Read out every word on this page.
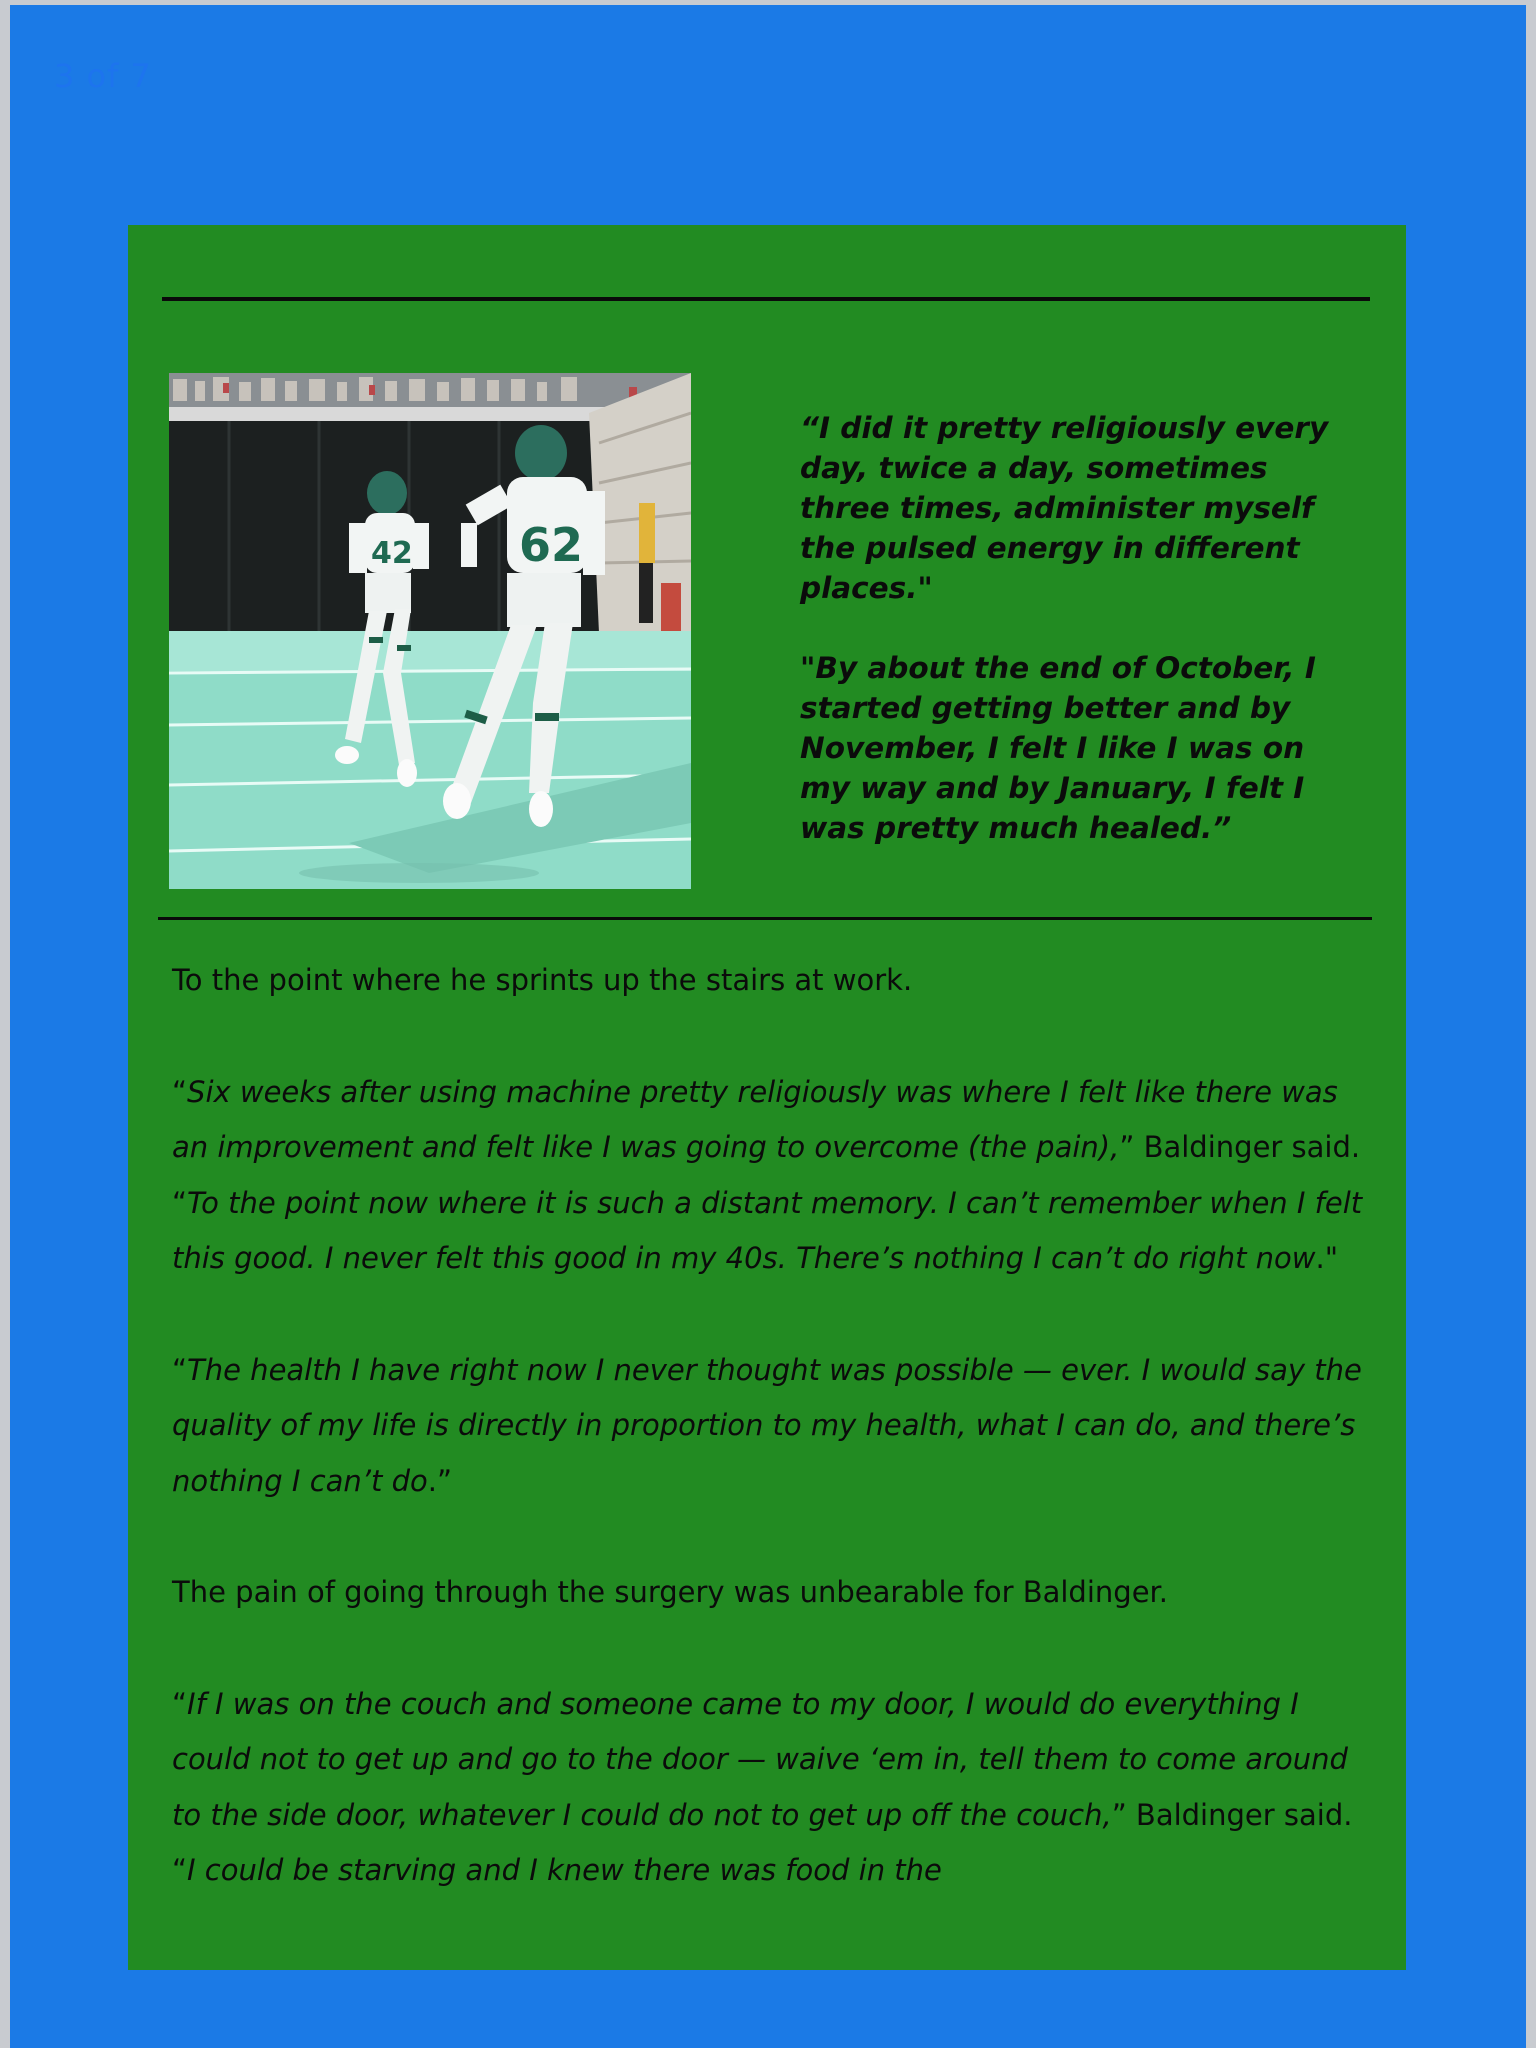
3 of 7
42 62

“I did it pretty religiously every day, twice a day, sometimes three times, administer myself the pulsed energy in different places."

"By about the end of October, I started getting better and by November, I felt I like I was on my way and by January, I felt I was pretty much healed.”

To the point where he sprints up the stairs at work.

“Six weeks after using machine pretty religiously was where I felt like there was an improvement and felt like I was going to overcome (the pain),” Baldinger said. “To the point now where it is such a distant memory. I can’t remember when I felt this good. I never felt this good in my 40s. There’s nothing I can’t do right now."

“The health I have right now I never thought was possible — ever. I would say the quality of my life is directly in proportion to my health, what I can do, and there’s nothing I can’t do.”

The pain of going through the surgery was unbearable for Baldinger.

“If I was on the couch and someone came to my door, I would do everything I could not to get up and go to the door — waive ‘em in, tell them to come around to the side door, whatever I could do not to get up off the couch,” Baldinger said. “I could be starving and I knew there was food in the
